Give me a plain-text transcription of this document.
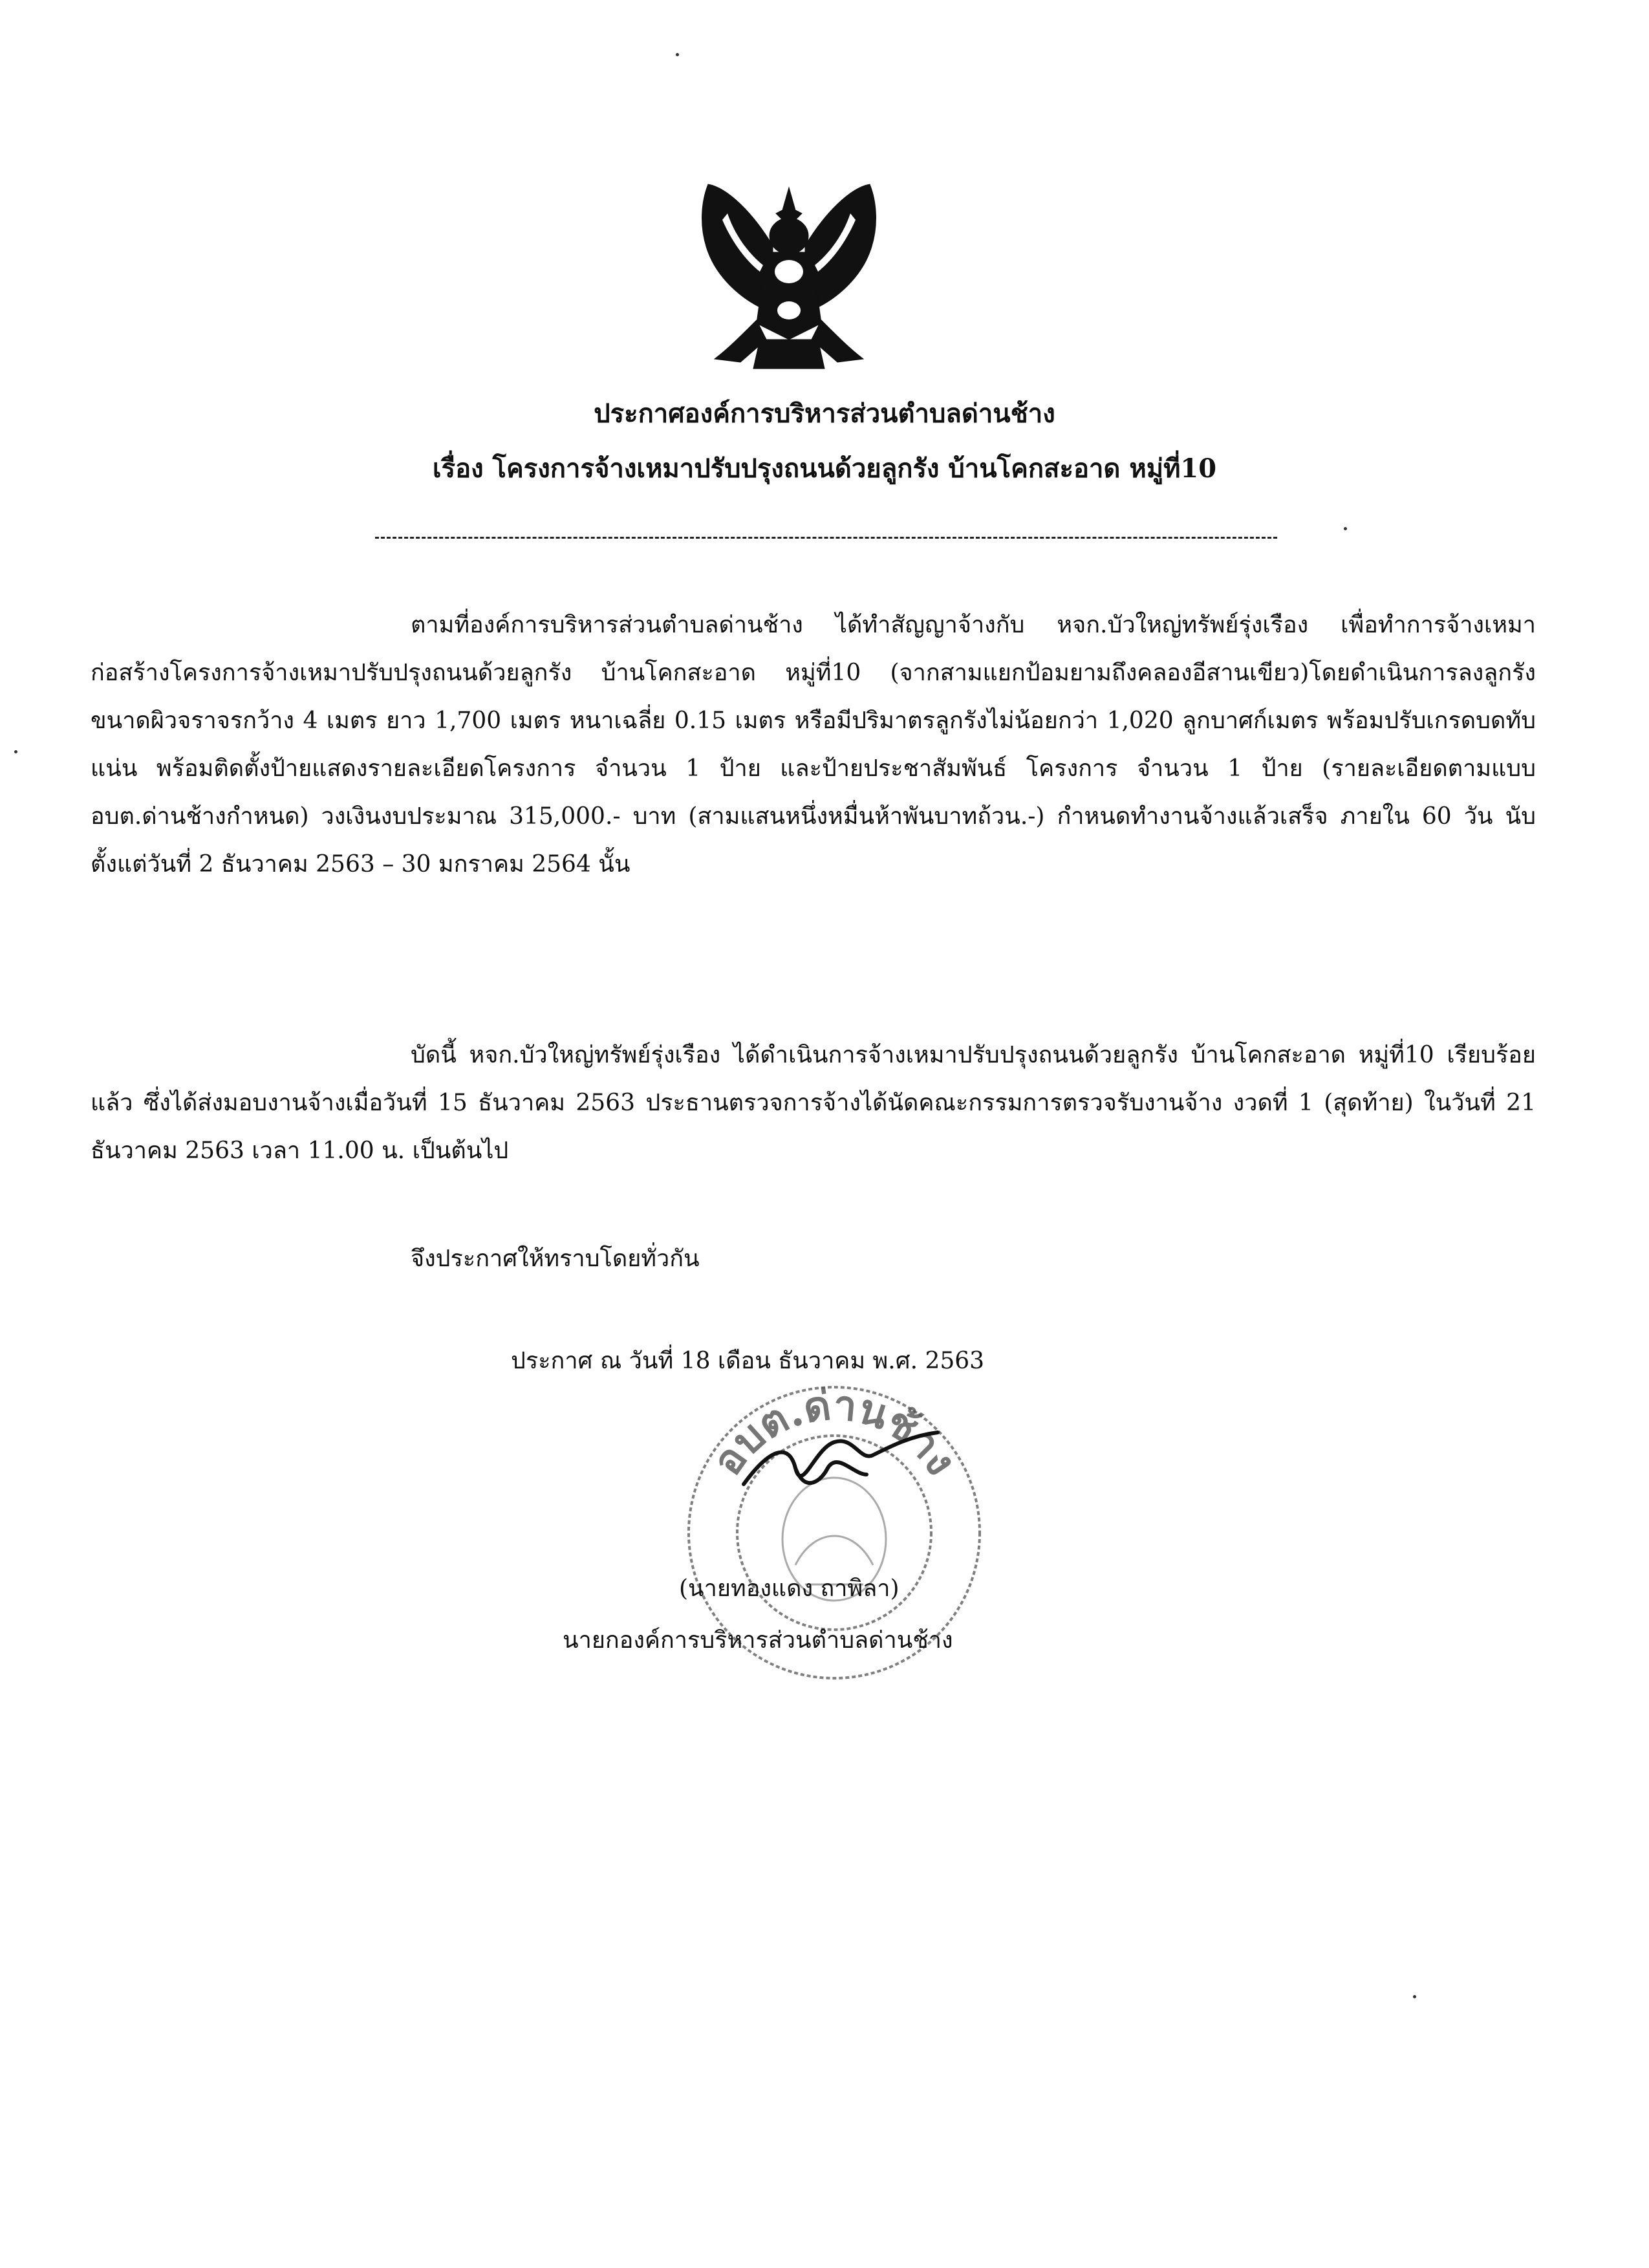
ประกาศองค์การบริหารส่วนตำบลด่านช้าง
เรื่อง โครงการจ้างเหมาปรับปรุงถนนด้วยลูกรัง บ้านโคกสะอาด หมู่ที่10
ตามที่องค์การบริหารส่วนตำบลด่านช้าง ได้ทำสัญญาจ้างกับ หจก.บัวใหญ่ทรัพย์รุ่งเรือง เพื่อทำการจ้างเหมาก่อสร้างโครงการจ้างเหมาปรับปรุงถนนด้วยลูกรัง บ้านโคกสะอาด หมู่ที่10 (จากสามแยกป้อมยามถึงคลองอีสานเขียว)โดยดำเนินการลงลูกรัง ขนาดผิวจราจรกว้าง 4 เมตร ยาว 1,700 เมตร หนาเฉลี่ย 0.15 เมตร หรือมีปริมาตรลูกรังไม่น้อยกว่า 1,020 ลูกบาศก์เมตร พร้อมปรับเกรดบดทับแน่น พร้อมติดตั้งป้ายแสดงรายละเอียดโครงการ จำนวน 1 ป้าย และป้ายประชาสัมพันธ์ โครงการ จำนวน 1 ป้าย (รายละเอียดตามแบบ อบต.ด่านช้างกำหนด) วงเงินงบประมาณ 315,000.- บาท (สามแสนหนึ่งหมื่นห้าพันบาทถ้วน.-) กำหนดทำงานจ้างแล้วเสร็จ ภายใน 60 วัน นับตั้งแต่วันที่ 2 ธันวาคม 2563 – 30 มกราคม 2564 นั้น
บัดนี้ หจก.บัวใหญ่ทรัพย์รุ่งเรือง ได้ดำเนินการจ้างเหมาปรับปรุงถนนด้วยลูกรัง บ้านโคกสะอาด หมู่ที่10 เรียบร้อยแล้ว ซึ่งได้ส่งมอบงานจ้างเมื่อวันที่ 15 ธันวาคม 2563 ประธานตรวจการจ้างได้นัดคณะกรรมการตรวจรับงานจ้าง งวดที่ 1 (สุดท้าย) ในวันที่ 21 ธันวาคม 2563 เวลา 11.00 น. เป็นต้นไป
จึงประกาศให้ทราบโดยทั่วกัน
ประกาศ ณ วันที่ 18 เดือน ธันวาคม พ.ศ. 2563
อบต.ด่านช้าง
(นายทองแดง ถาพิลา)
นายกองค์การบริหารส่วนตำบลด่านช้าง
